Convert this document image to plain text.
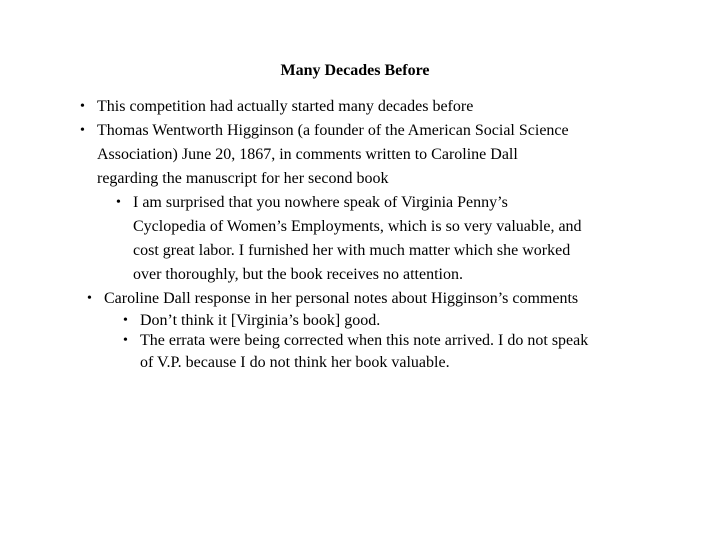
Many Decades Before
• This competition had actually started many decades before
• Thomas Wentworth Higginson (a founder of the American Social Science
Association) June 20, 1867, in comments written to Caroline Dall
regarding the manuscript for her second book
• I am surprised that you nowhere speak of Virginia Penny’s
Cyclopedia of Women’s Employments, which is so very valuable, and
cost great labor. I furnished her with much matter which she worked
over thoroughly, but the book receives no attention.
• Caroline Dall response in her personal notes about Higginson’s comments
• Don’t think it [Virginia’s book] good.
• The errata were being corrected when this note arrived. I do not speak
of V.P. because I do not think her book valuable.
